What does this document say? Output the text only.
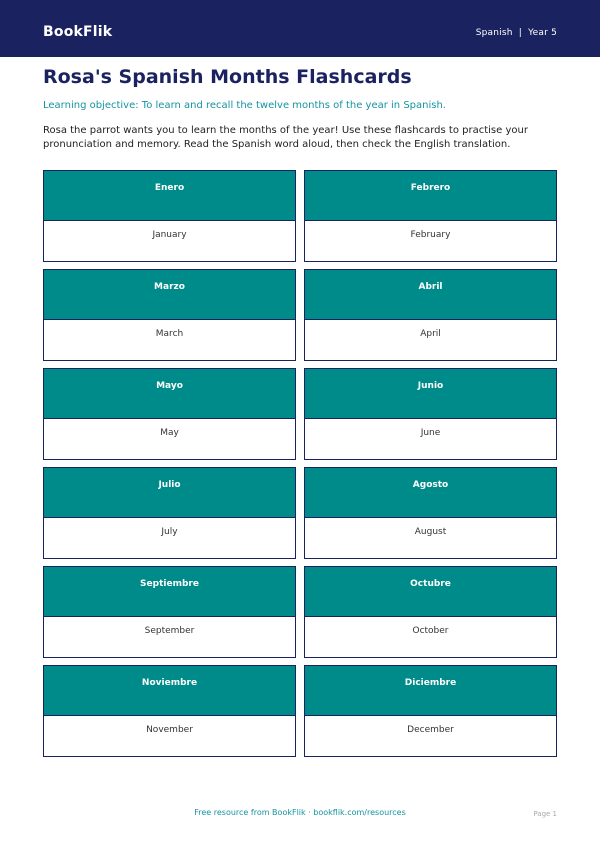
BookFlik	Spanish  |  Year 5
Rosa's Spanish Months Flashcards
Learning objective: To learn and recall the twelve months of the year in Spanish.
Rosa the parrot wants you to learn the months of the year! Use these flashcards to practise your pronunciation and memory. Read the Spanish word aloud, then check the English translation.
Enero
January
Febrero
February
Marzo
March
Abril
April
Mayo
May
Junio
June
Julio
July
Agosto
August
Septiembre
September
Octubre
October
Noviembre
November
Diciembre
December
Free resource from BookFlik · bookflik.com/resources	Page 1
